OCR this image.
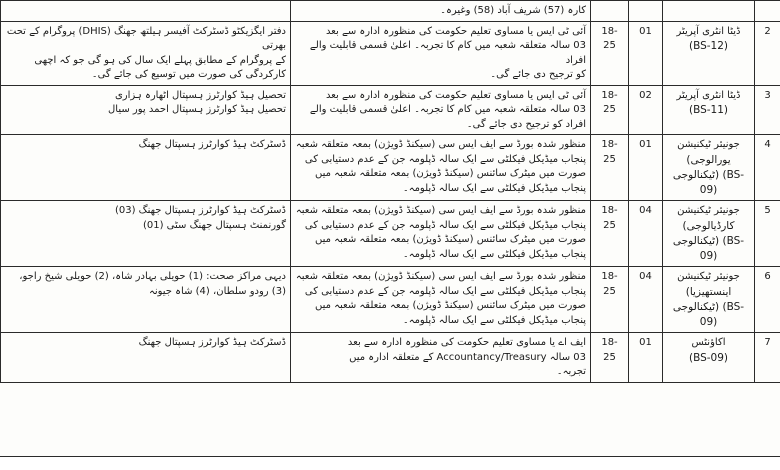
				کارہ (57) شریف آباد (58) وغیرہ۔	

2	ڈیٹا انٹری آپریٹر
(BS-12)	01	18-25	آئی ٹی ایس یا مساوی تعلیم حکومت کی منظورہ ادارہ سے بعد
03 سالہ متعلقہ شعبہ میں کام کا تجربہ۔ اعلیٰ قسمی قابلیت والے افراد
کو ترجیح دی جائے گی۔	دفتر ایگزیکٹو ڈسٹرکٹ آفیسر ہیلتھ جھنگ (DHIS) پروگرام کے تحت بھرتی
کے پروگرام کے مطابق پہلے ایک سال کی ہو گی جو کہ اچھی
کارکردگی کی صورت میں توسیع کی جائے گی۔

3	ڈیٹا انٹری آپریٹر
(BS-11)	02	18-25	آئی ٹی ایس یا مساوی تعلیم حکومت کی منظورہ ادارہ سے بعد
03 سالہ متعلقہ شعبہ میں کام کا تجربہ۔ اعلیٰ قسمی قابلیت والے
افراد کو ترجیح دی جائے گی۔	تحصیل ہیڈ کوارٹرز ہسپتال اٹھارہ ہزاری
تحصیل ہیڈ کوارٹرز ہسپتال احمد پور سیال

4	جونیئر ٹیکنیشن
(یورالوجی ٹیکنالوجی) (BS-09)	01	18-25	منظور شدہ بورڈ سے ایف ایس سی (سیکنڈ ڈویژن) بمعہ متعلقہ شعبہ
پنجاب میڈیکل فیکلٹی سے ایک سالہ ڈپلومہ جن کے عدم دستیابی کی
صورت میں میٹرک سائنس (سیکنڈ ڈویژن) بمعہ متعلقہ شعبہ میں
پنجاب میڈیکل فیکلٹی سے ایک سالہ ڈپلومہ۔	ڈسٹرکٹ ہیڈ کوارٹرز ہسپتال جھنگ

5	جونیئر ٹیکنیشن
(کارڈیالوجی ٹیکنالوجی) (BS-09)	04	18-25	منظور شدہ بورڈ سے ایف ایس سی (سیکنڈ ڈویژن) بمعہ متعلقہ شعبہ
پنجاب میڈیکل فیکلٹی سے ایک سالہ ڈپلومہ جن کے عدم دستیابی کی
صورت میں میٹرک سائنس (سیکنڈ ڈویژن) بمعہ متعلقہ شعبہ میں
پنجاب میڈیکل فیکلٹی سے ایک سالہ ڈپلومہ۔	ڈسٹرکٹ ہیڈ کوارٹرز ہسپتال جھنگ (03)
گورنمنٹ ہسپتال جھنگ سٹی (01)

6	جونیئر ٹیکنیشن
(اینستھیزیا ٹیکنالوجی) (BS-09)	04	18-25	منظور شدہ بورڈ سے ایف ایس سی (سیکنڈ ڈویژن) بمعہ متعلقہ شعبہ
پنجاب میڈیکل فیکلٹی سے ایک سالہ ڈپلومہ جن کے عدم دستیابی کی
صورت میں میٹرک سائنس (سیکنڈ ڈویژن) بمعہ متعلقہ شعبہ میں
پنجاب میڈیکل فیکلٹی سے ایک سالہ ڈپلومہ۔	دیہی مراکز صحت: (1) حویلی بہادر شاہ، (2) حویلی شیخ راجو، (3) رودو سلطان، (4) شاہ جیونہ

7	اکاؤنٹس
(BS-09)	01	18-25	ایف اے یا مساوی تعلیم حکومت کی منظورہ ادارہ سے بعد
03 سالہ Accountancy/Treasury کے متعلقہ ادارہ میں
تجربہ۔	ڈسٹرکٹ ہیڈ کوارٹرز ہسپتال جھنگ
